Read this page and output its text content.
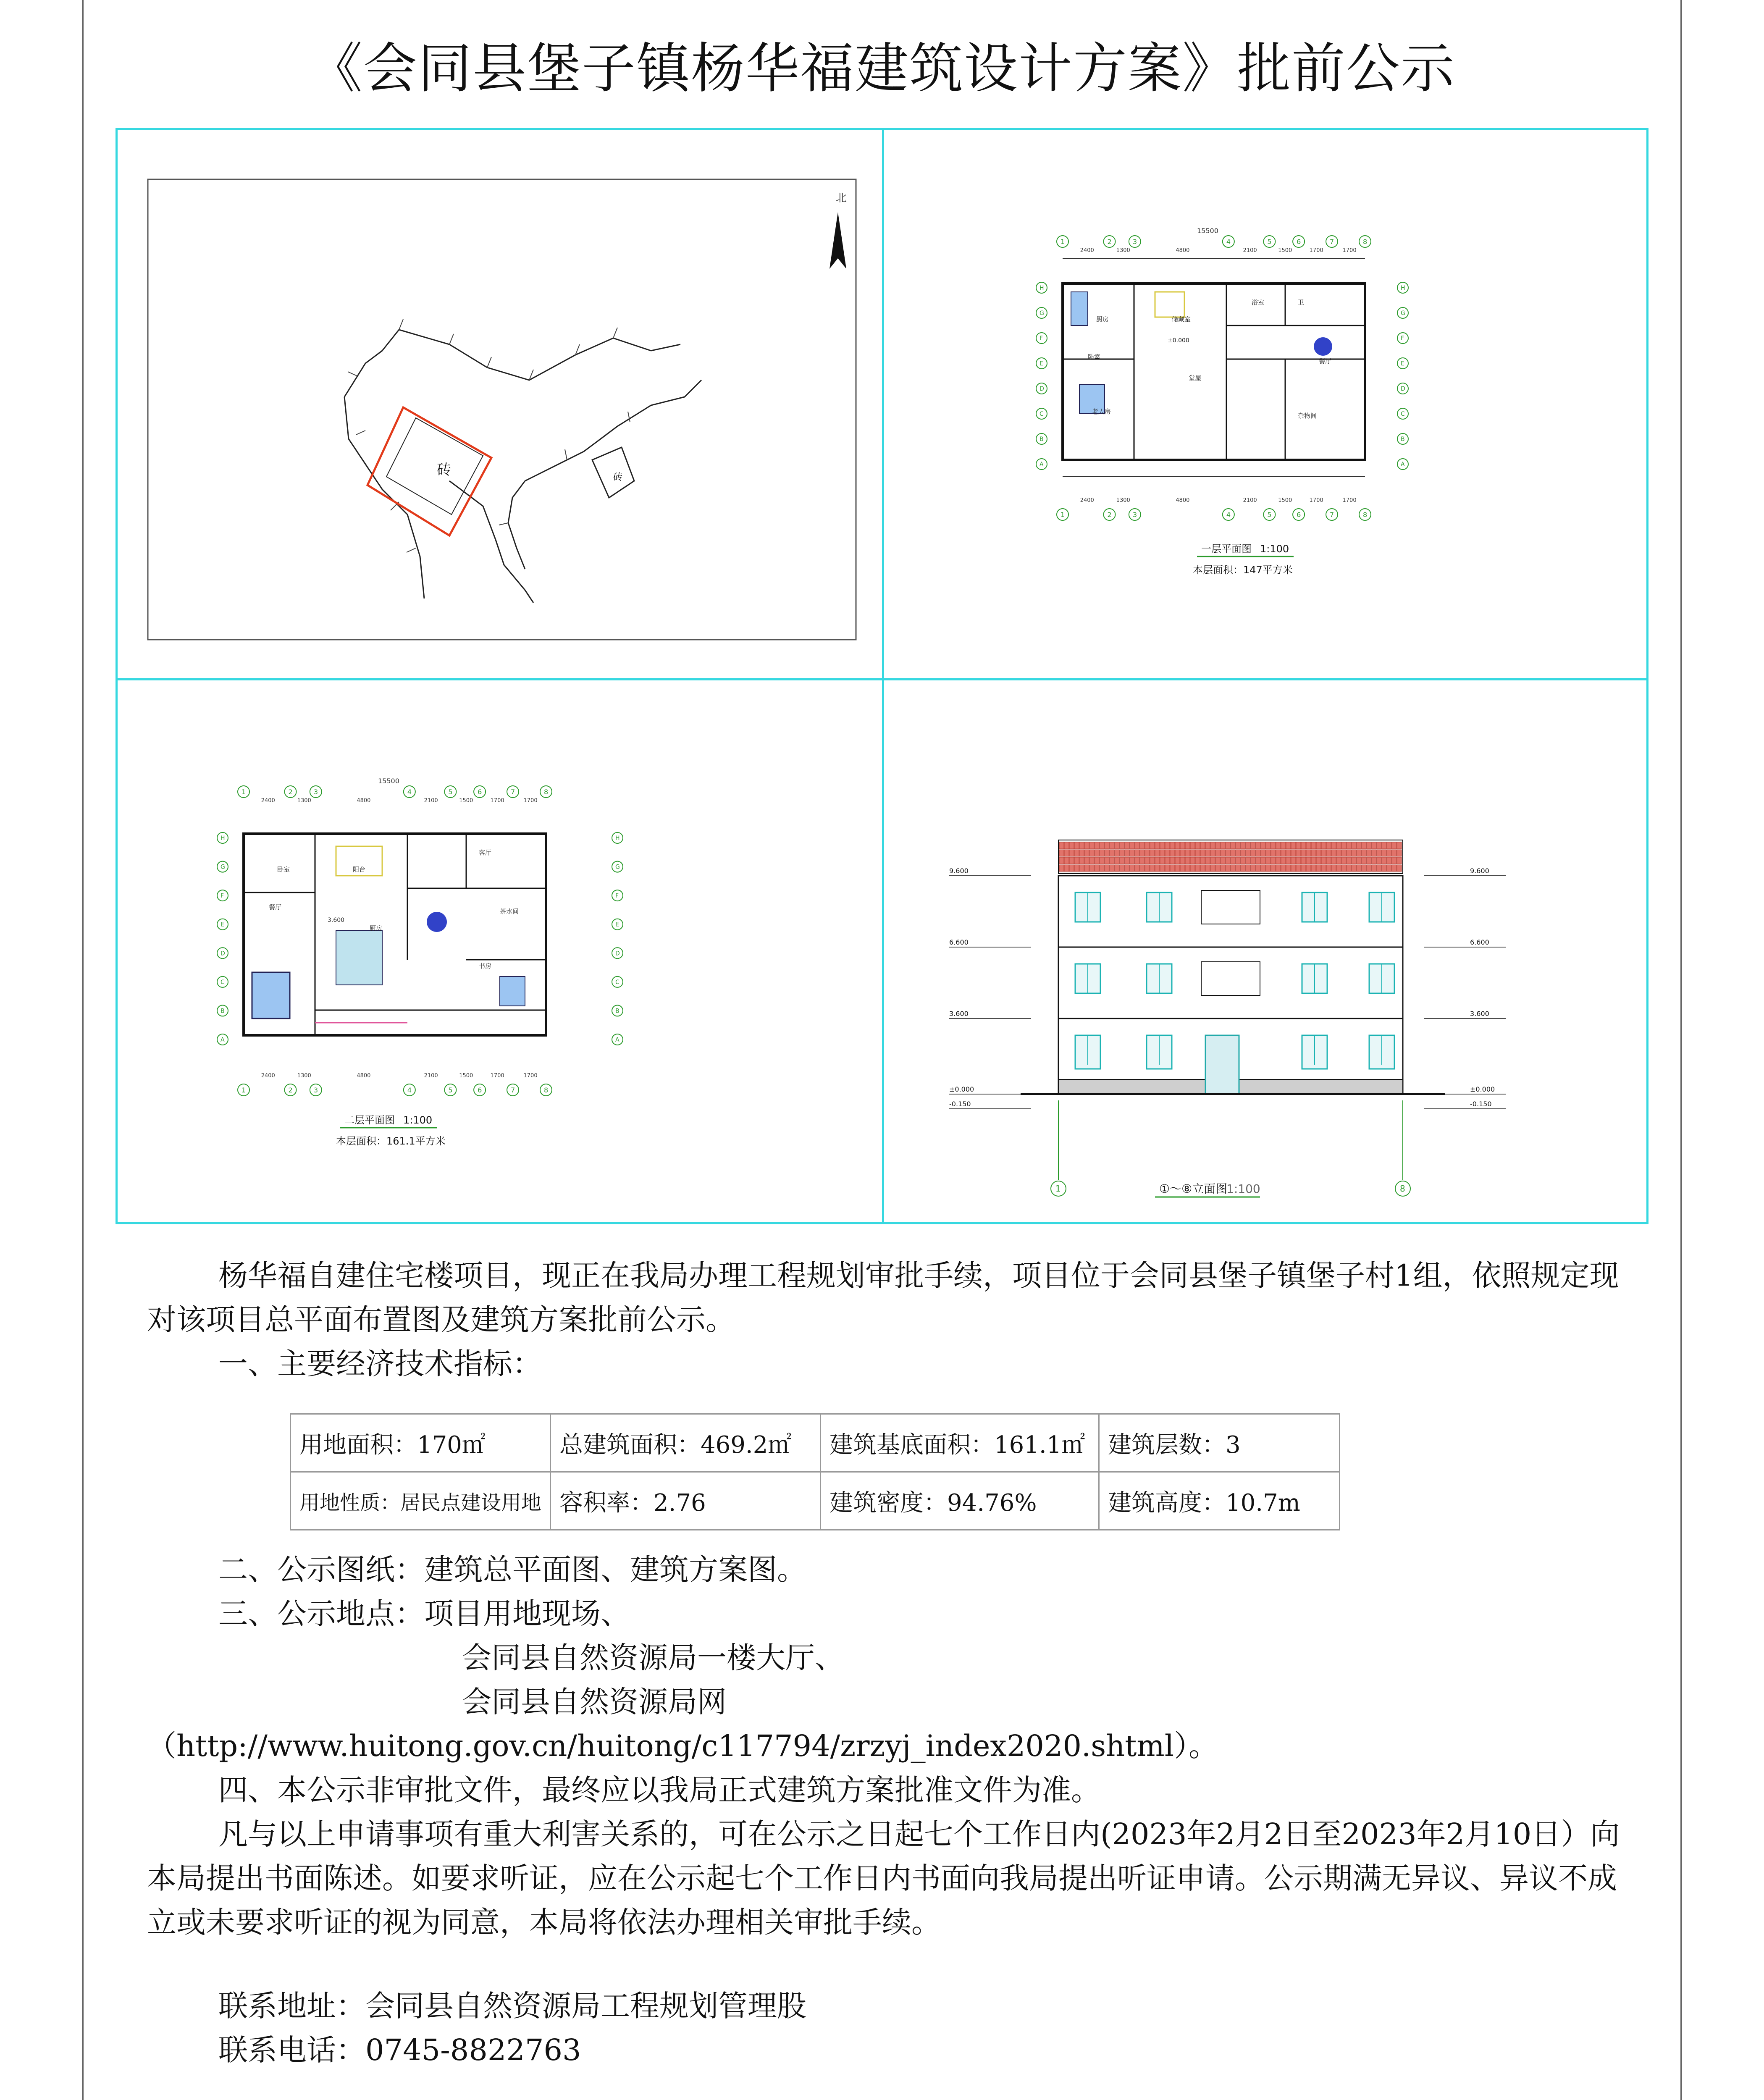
《会同县堡子镇杨华福建筑设计方案》批前公示
北
砖	砖
1
1
2
2
3
3
4
4
5
5
6
6
7
7
8
8
15500
2400
2400
1300
1300
4800
4800
2100
2100
1500
1500
1700
1700
1700
1700
厨房
卫
卧室
堂屋
储藏室
餐厅
杂物间
老人房
浴室
±0.000
H	H
G	G
F	F
E	E
D	D
C	C
B	B
A	A
一层平面图 1:100
本层面积：147平方米
1
1
2
2
3
3
4
4
5
5
6
6
7
7
8
8
15500
2400
2400
1300
1300
4800
4800
2100
2100
1500
1500
1700
1700
1700
1700
卧室
客厅
餐厅
厨房
阳台
茶水间
书房
3.600
H	H
G	G
F	F
E	E
D	D
C	C
B	B
A	A
二层平面图 1:100
本层面积：161.1平方米
9.600	9.600
6.600	6.600
3.600	3.600
±0.000	±0.000
-0.150	-0.150
1	8
①～⑧立面图
1:100

杨华福自建住宅楼项目，现正在我局办理工程规划审批手续，项目位于会同县堡子镇堡子村1组，依照规定现对该项目总平面布置图及建筑方案批前公示。

一、主要经济技术指标：

用地面积：170㎡	总建筑面积：469.2㎡	建筑基底面积：161.1㎡	建筑层数：3
用地性质：居民点建设用地	容积率：2.76	建筑密度：94.76%	建筑高度：10.7m

二、公示图纸：建筑总平面图、建筑方案图。

三、公示地点：项目用地现场、

会同县自然资源局一楼大厅、

会同县自然资源局网

（http://www.huitong.gov.cn/huitong/c117794/zrzyj_index2020.shtml）。

四、本公示非审批文件，最终应以我局正式建筑方案批准文件为准。

凡与以上申请事项有重大利害关系的，可在公示之日起七个工作日内(2023年2月2日至2023年2月10日）向本局提出书面陈述。如要求听证，应在公示起七个工作日内书面向我局提出听证申请。公示期满无异议、异议不成立或未要求听证的视为同意，本局将依法办理相关审批手续。

联系地址：会同县自然资源局工程规划管理股
联系电话：0745-8822763
